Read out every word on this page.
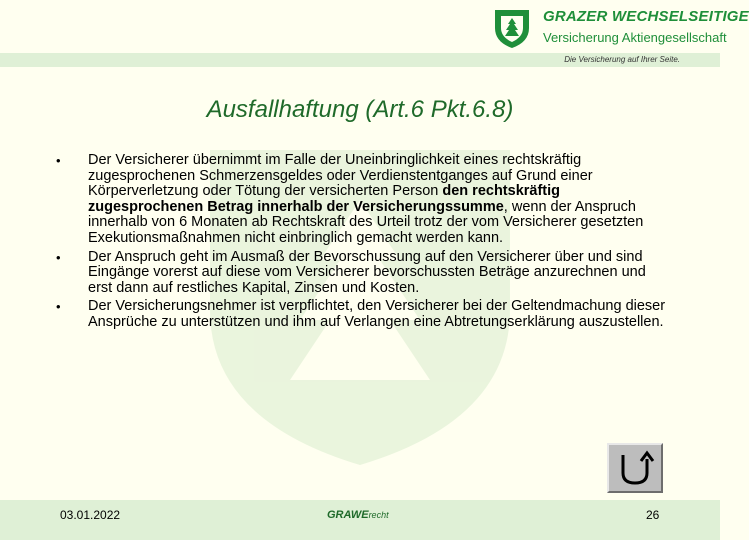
GRAZER WECHSELSEITIGE
Versicherung Aktiengesellschaft
Die Versicherung auf Ihrer Seite.
Ausfallhaftung (Art.6 Pkt.6.8)
• Der Versicherer übernimmt im Falle der Uneinbringlichkeit eines rechtskräftig zugesprochenen Schmerzensgeldes oder Verdienstentganges auf Grund einer Körperverletzung oder Tötung der versicherten Person den rechtskräftig zugesprochenen Betrag innerhalb der Versicherungssumme, wenn der Anspruch innerhalb von 6 Monaten ab Rechtskraft des Urteil trotz der vom Versicherer gesetzten Exekutionsmaßnahmen nicht einbringlich gemacht werden kann.
• Der Anspruch geht im Ausmaß der Bevorschussung auf den Versicherer über und sind Eingänge vorerst auf diese vom Versicherer bevorschussten Beträge anzurechnen und erst dann auf restliches Kapital, Zinsen und Kosten.
• Der Versicherungsnehmer ist verpflichtet, den Versicherer bei der Geltendmachung dieser Ansprüche zu unterstützen und ihm auf Verlangen eine Abtretungserklärung auszustellen.
03.01.2022	GRAWErecht	26
